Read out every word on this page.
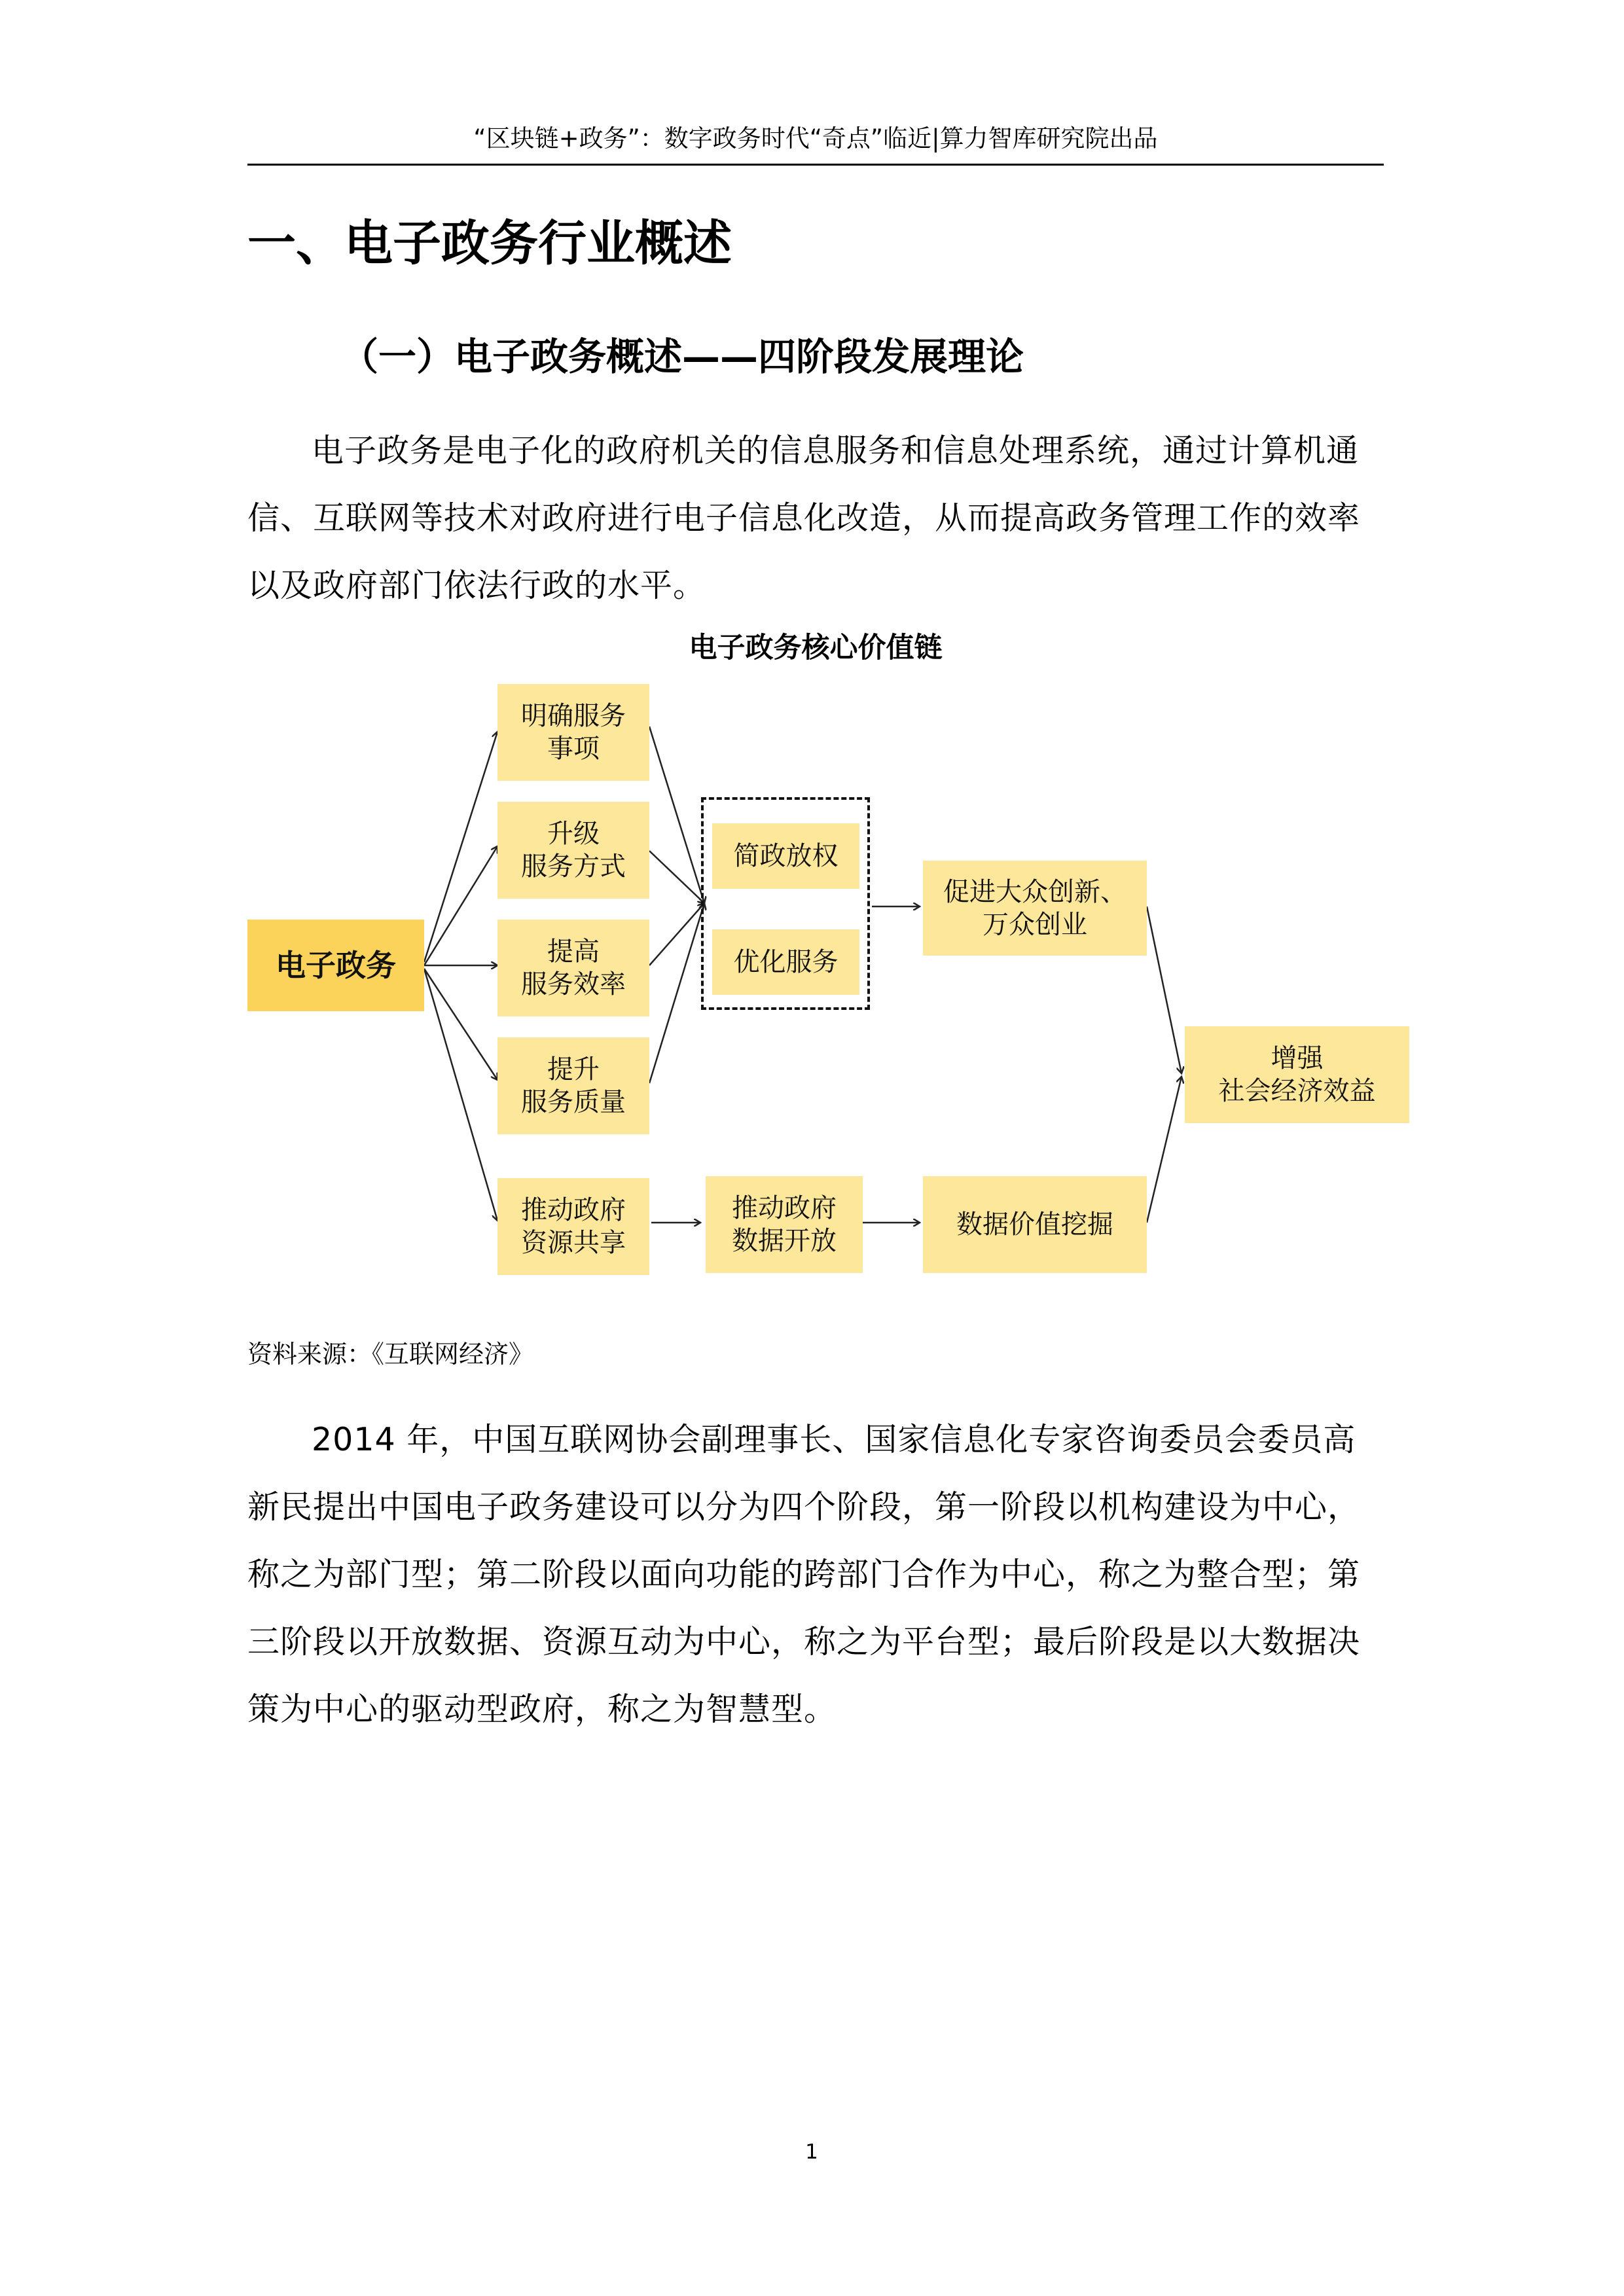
“区块链+政务”：数字政务时代“奇点”临近|算力智库研究院出品
一、电子政务行业概述
（一）电子政务概述——四阶段发展理论

电子政务是电子化的政府机关的信息服务和信息处理系统，通过计算机通信、互联网等技术对政府进行电子信息化改造，从而提高政务管理工作的效率以及政府部门依法行政的水平。

电子政务核心价值链
电子政务
明确服务
事项
升级
服务方式
提高
服务效率
提升
服务质量
推动政府
资源共享
简政放权
优化服务
推动政府
数据开放
促进大众创新、
万众创业
数据价值挖掘
增强
社会经济效益
资料来源：《互联网经济》

2014 年，中国互联网协会副理事长、国家信息化专家咨询委员会委员高新民提出中国电子政务建设可以分为四个阶段，第一阶段以机构建设为中心，称之为部门型；第二阶段以面向功能的跨部门合作为中心，称之为整合型；第三阶段以开放数据、资源互动为中心，称之为平台型；最后阶段是以大数据决策为中心的驱动型政府，称之为智慧型。

1
